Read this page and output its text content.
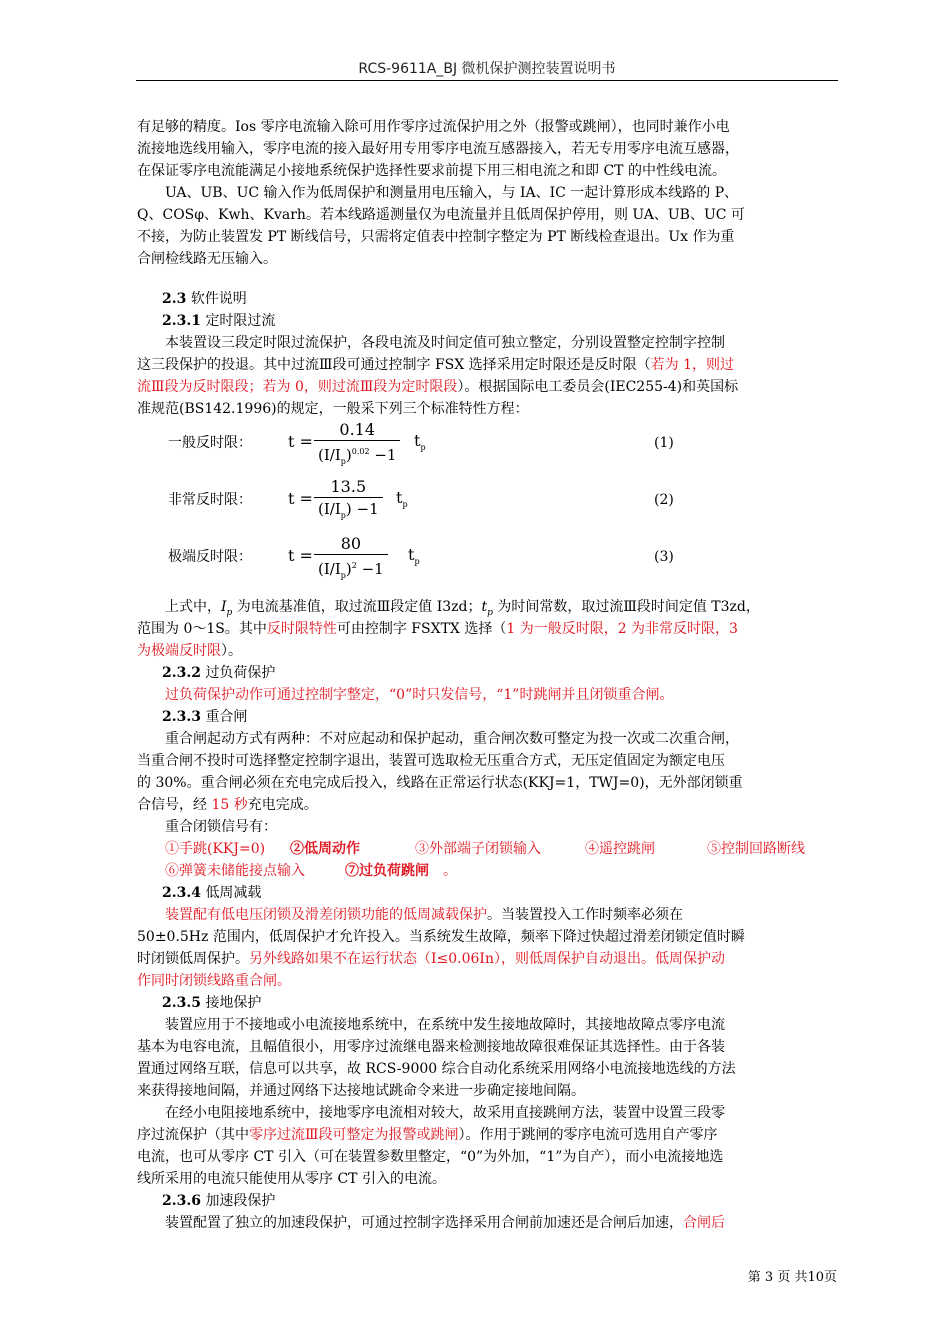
RCS-9611A_BJ 微机保护测控装置说明书
有足够的精度。Ios 零序电流输入除可用作零序过流保护用之外（报警或跳闸），也同时兼作小电
流接地选线用输入，零序电流的接入最好用专用零序电流互感器接入，若无专用零序电流互感器，
在保证零序电流能满足小接地系统保护选择性要求前提下用三相电流之和即 CT 的中性线电流。
UA、UB、UC 输入作为低周保护和测量用电压输入，与 IA、IC 一起计算形成本线路的 P、
Q、COSφ、Kwh、Kvarh。若本线路遥测量仅为电流量并且低周保护停用，则 UA、UB、UC 可
不接，为防止装置发 PT 断线信号，只需将定值表中控制字整定为 PT 断线检查退出。Ux 作为重
合闸检线路无压输入。
2.3 软件说明
2.3.1 定时限过流
本装置设三段定时限过流保护，各段电流及时间定值可独立整定，分别设置整定控制字控制
这三段保护的投退。其中过流Ⅲ段可通过控制字 FSX 选择采用定时限还是反时限（若为 1，则过
流Ⅲ段为反时限段；若为 0，则过流Ⅲ段为定时限段）。根据国际电工委员会(IEC255-4)和英国标
准规范(BS142.1996)的规定，一般采下列三个标准特性方程：
一般反时限： $t = \frac{0.14}{(I/I_p)^{0.02} -1} t_p$	(1)
非常反时限： $t = \frac{13.5}{(I/I_p) -1} t_p$	(2)
极端反时限： $t = \frac{80}{(I/I_p)^2 -1} t_p$	(3)
上式中，$I_p$ 为电流基准值，取过流Ⅲ段定值 I3zd；$t_p$ 为时间常数，取过流Ⅲ段时间定值 T3zd，
范围为 0～1S。其中反时限特性可由控制字 FSXTX 选择（1 为一般反时限，2 为非常反时限，3
为极端反时限）。
2.3.2 过负荷保护
过负荷保护动作可通过控制字整定，“0”时只发信号，“1”时跳闸并且闭锁重合闸。
2.3.3 重合闸
重合闸起动方式有两种：不对应起动和保护起动，重合闸次数可整定为投一次或二次重合闸，
当重合闸不投时可选择整定控制字退出，装置可选取检无压重合方式，无压定值固定为额定电压
的 30%。重合闸必须在充电完成后投入，线路在正常运行状态(KKJ=1，TWJ=0)，无外部闭锁重
合信号，经 15 秒充电完成。
重合闭锁信号有：
①手跳(KKJ=0) ②低周动作	③外部端子闭锁输入	④遥控跳闸	⑤控制回路断线
⑥弹簧未储能接点输入	⑦过负荷跳闸 。
2.3.4 低周减载
装置配有低电压闭锁及滑差闭锁功能的低周减载保护。当装置投入工作时频率必须在
50±0.5Hz 范围内，低周保护才允许投入。当系统发生故障，频率下降过快超过滑差闭锁定值时瞬
时闭锁低周保护。另外线路如果不在运行状态（I≤0.06In），则低周保护自动退出。低周保护动
作同时闭锁线路重合闸。
2.3.5 接地保护
装置应用于不接地或小电流接地系统中，在系统中发生接地故障时，其接地故障点零序电流
基本为电容电流，且幅值很小，用零序过流继电器来检测接地故障很难保证其选择性。由于各装
置通过网络互联，信息可以共享，故 RCS-9000 综合自动化系统采用网络小电流接地选线的方法
来获得接地间隔，并通过网络下达接地试跳命令来进一步确定接地间隔。
在经小电阻接地系统中，接地零序电流相对较大，故采用直接跳闸方法，装置中设置三段零
序过流保护（其中零序过流Ⅲ段可整定为报警或跳闸）。作用于跳闸的零序电流可选用自产零序
电流，也可从零序 CT 引入（可在装置参数里整定，“0”为外加，“1”为自产），而小电流接地选
线所采用的电流只能使用从零序 CT 引入的电流。
2.3.6 加速段保护
装置配置了独立的加速段保护，可通过控制字选择采用合闸前加速还是合闸后加速，合闸后
第 3 页 共10页
